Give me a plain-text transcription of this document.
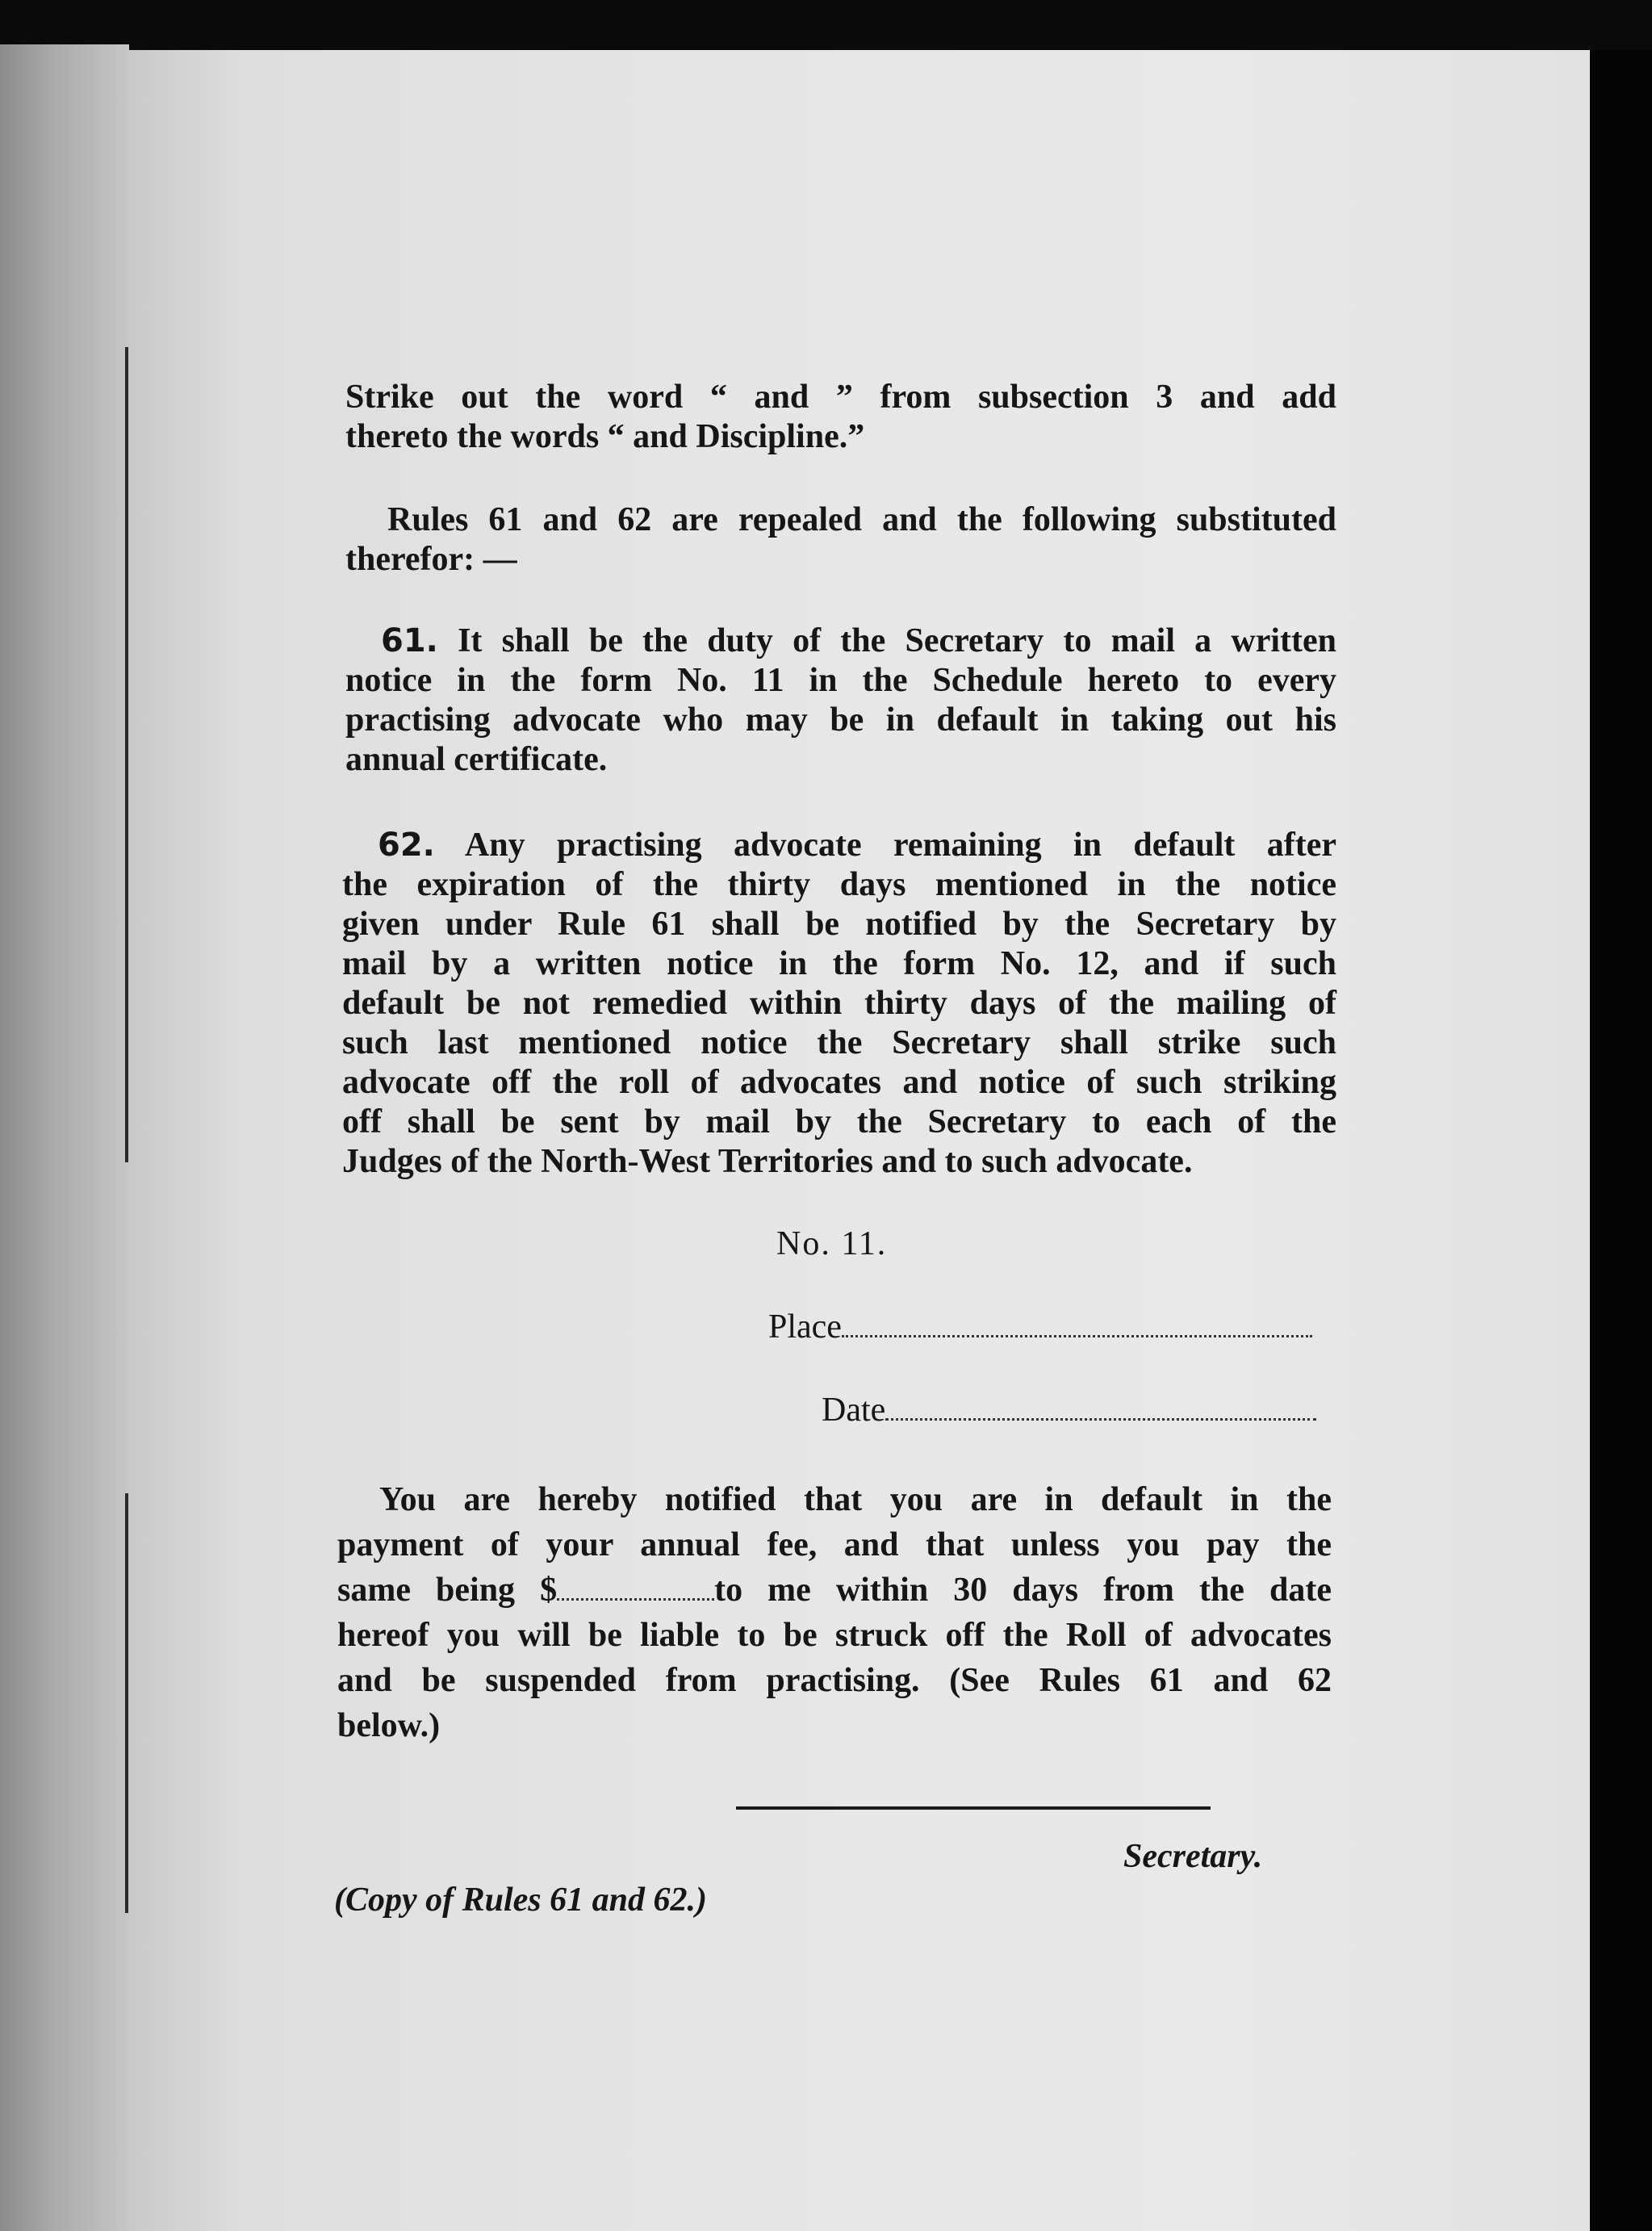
Strike out the word “ and ” from subsection 3 and add
thereto the words “ and Discipline.”
Rules 61 and 62 are repealed and the following substituted
therefor: —
61. It shall be the duty of the Secretary to mail a written
notice in the form No. 11 in the Schedule hereto to every
practising advocate who may be in default in taking out his
annual certificate.
62. Any practising advocate remaining in default after
the expiration of the thirty days mentioned in the notice
given under Rule 61 shall be notified by the Secretary by
mail by a written notice in the form No. 12, and if such
default be not remedied within thirty days of the mailing of
such last mentioned notice the Secretary shall strike such
advocate off the roll of advocates and notice of such striking
off shall be sent by mail by the Secretary to each of the
Judges of the North-West Territories and to such advocate.
No. 11.
Place
Date
You are hereby notified that you are in default in the
payment of your annual fee, and that unless you pay the
same being $	to me within 30 days from the date
hereof you will be liable to be struck off the Roll of advocates
and be suspended from practising. (See Rules 61 and 62
below.)
Secretary.
(Copy of Rules 61 and 62.)
